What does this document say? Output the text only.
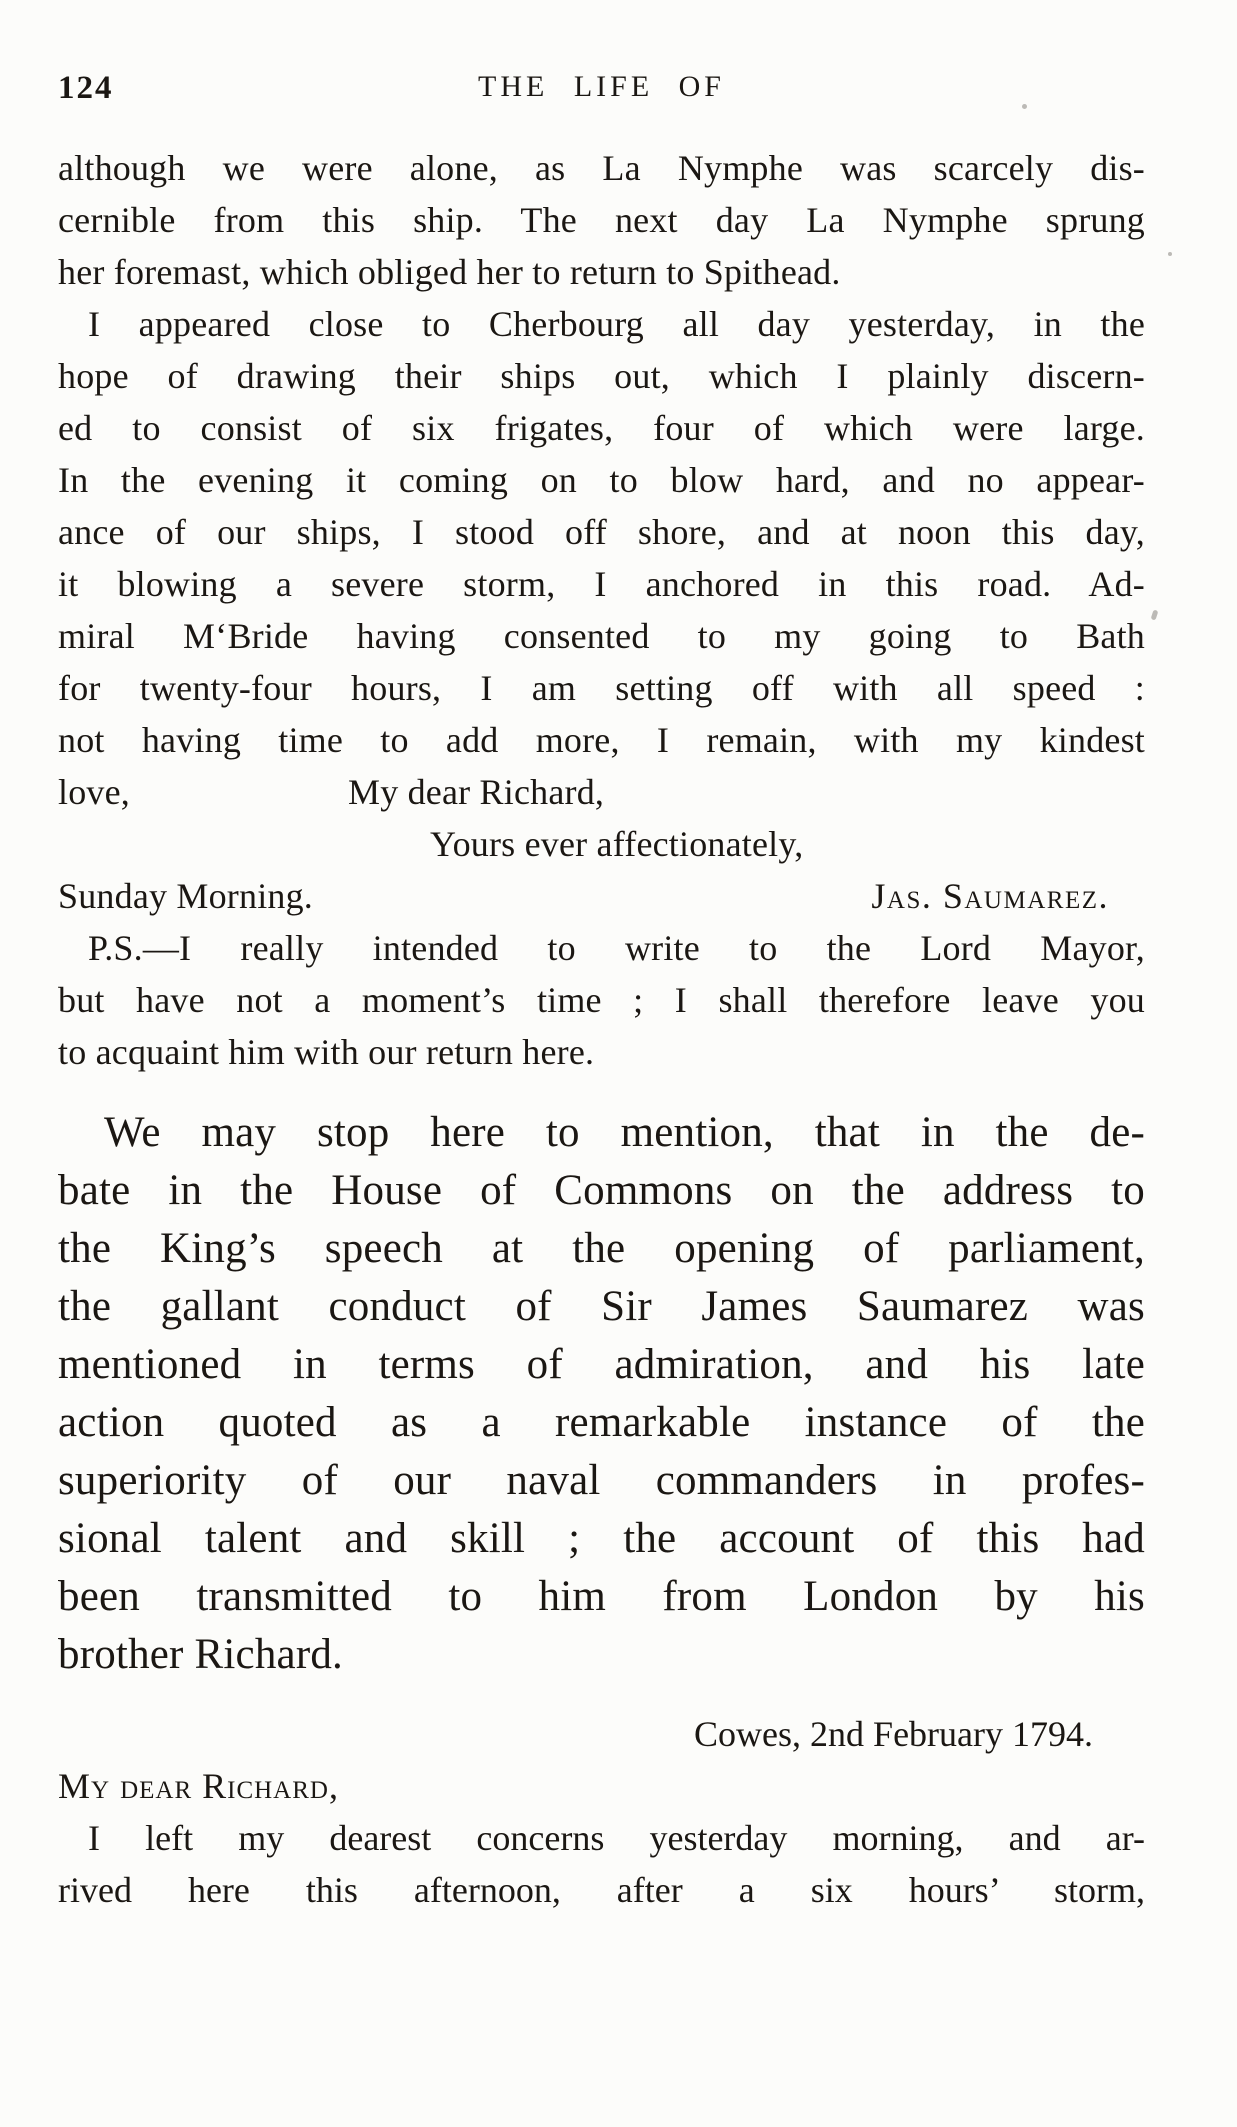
124	THE LIFE OF
although we were alone, as La Nymphe was scarcely dis-
cernible from this ship. The next day La Nymphe sprung
her foremast, which obliged her to return to Spithead.
I appeared close to Cherbourg all day yesterday, in the
hope of drawing their ships out, which I plainly discern-
ed to consist of six frigates, four of which were large.
In the evening it coming on to blow hard, and no appear-
ance of our ships, I stood off shore, and at noon this day,
it blowing a severe storm, I anchored in this road. Ad-
miral M‘Bride having consented to my going to Bath
for twenty-four hours, I am setting off with all speed :
not having time to add more, I remain, with my kindest
love,	My dear Richard,
Yours ever affectionately,
Sunday Morning.	Jas. Saumarez.
P.S.—I really intended to write to the Lord Mayor,
but have not a moment’s time ; I shall therefore leave you
to acquaint him with our return here.
We may stop here to mention, that in the de-
bate in the House of Commons on the address to
the King’s speech at the opening of parliament,
the gallant conduct of Sir James Saumarez was
mentioned in terms of admiration, and his late
action quoted as a remarkable instance of the
superiority of our naval commanders in profes-
sional talent and skill ; the account of this had
been transmitted to him from London by his
brother Richard.
Cowes, 2nd February 1794.
My dear Richard,
I left my dearest concerns yesterday morning, and ar-
rived here this afternoon, after a six hours’ storm,
